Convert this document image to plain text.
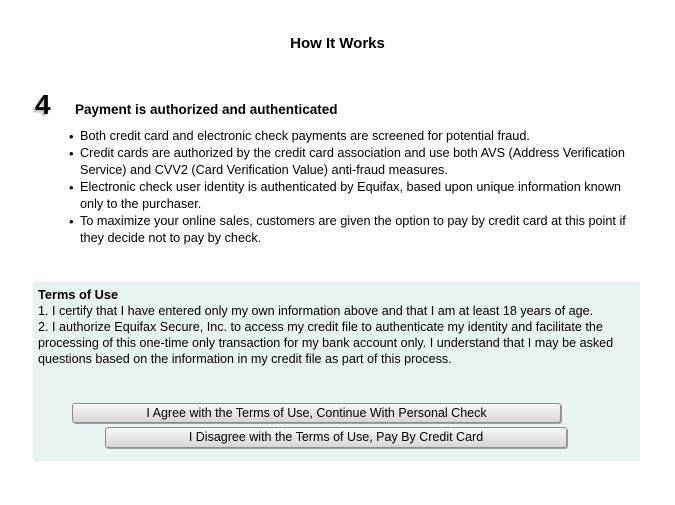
How It Works
4 Payment is authorized and authenticated
• Both credit card and electronic check payments are screened for potential fraud.
• Credit cards are authorized by the credit card association and use both AVS (Address Verification Service) and CVV2 (Card Verification Value) anti-fraud measures.
• Electronic check user identity is authenticated by Equifax, based upon unique information known only to the purchaser.
• To maximize your online sales, customers are given the option to pay by credit card at this point if they decide not to pay by check.
Terms of Use
1. I certify that I have entered only my own information above and that I am at least 18 years of age.
2. I authorize Equifax Secure, Inc. to access my credit file to authenticate my identity and facilitate the processing of this one-time only transaction for my bank account only. I understand that I may be asked questions based on the information in my credit file as part of this process.
I Agree with the Terms of Use, Continue With Personal Check
I Disagree with the Terms of Use, Pay By Credit Card
